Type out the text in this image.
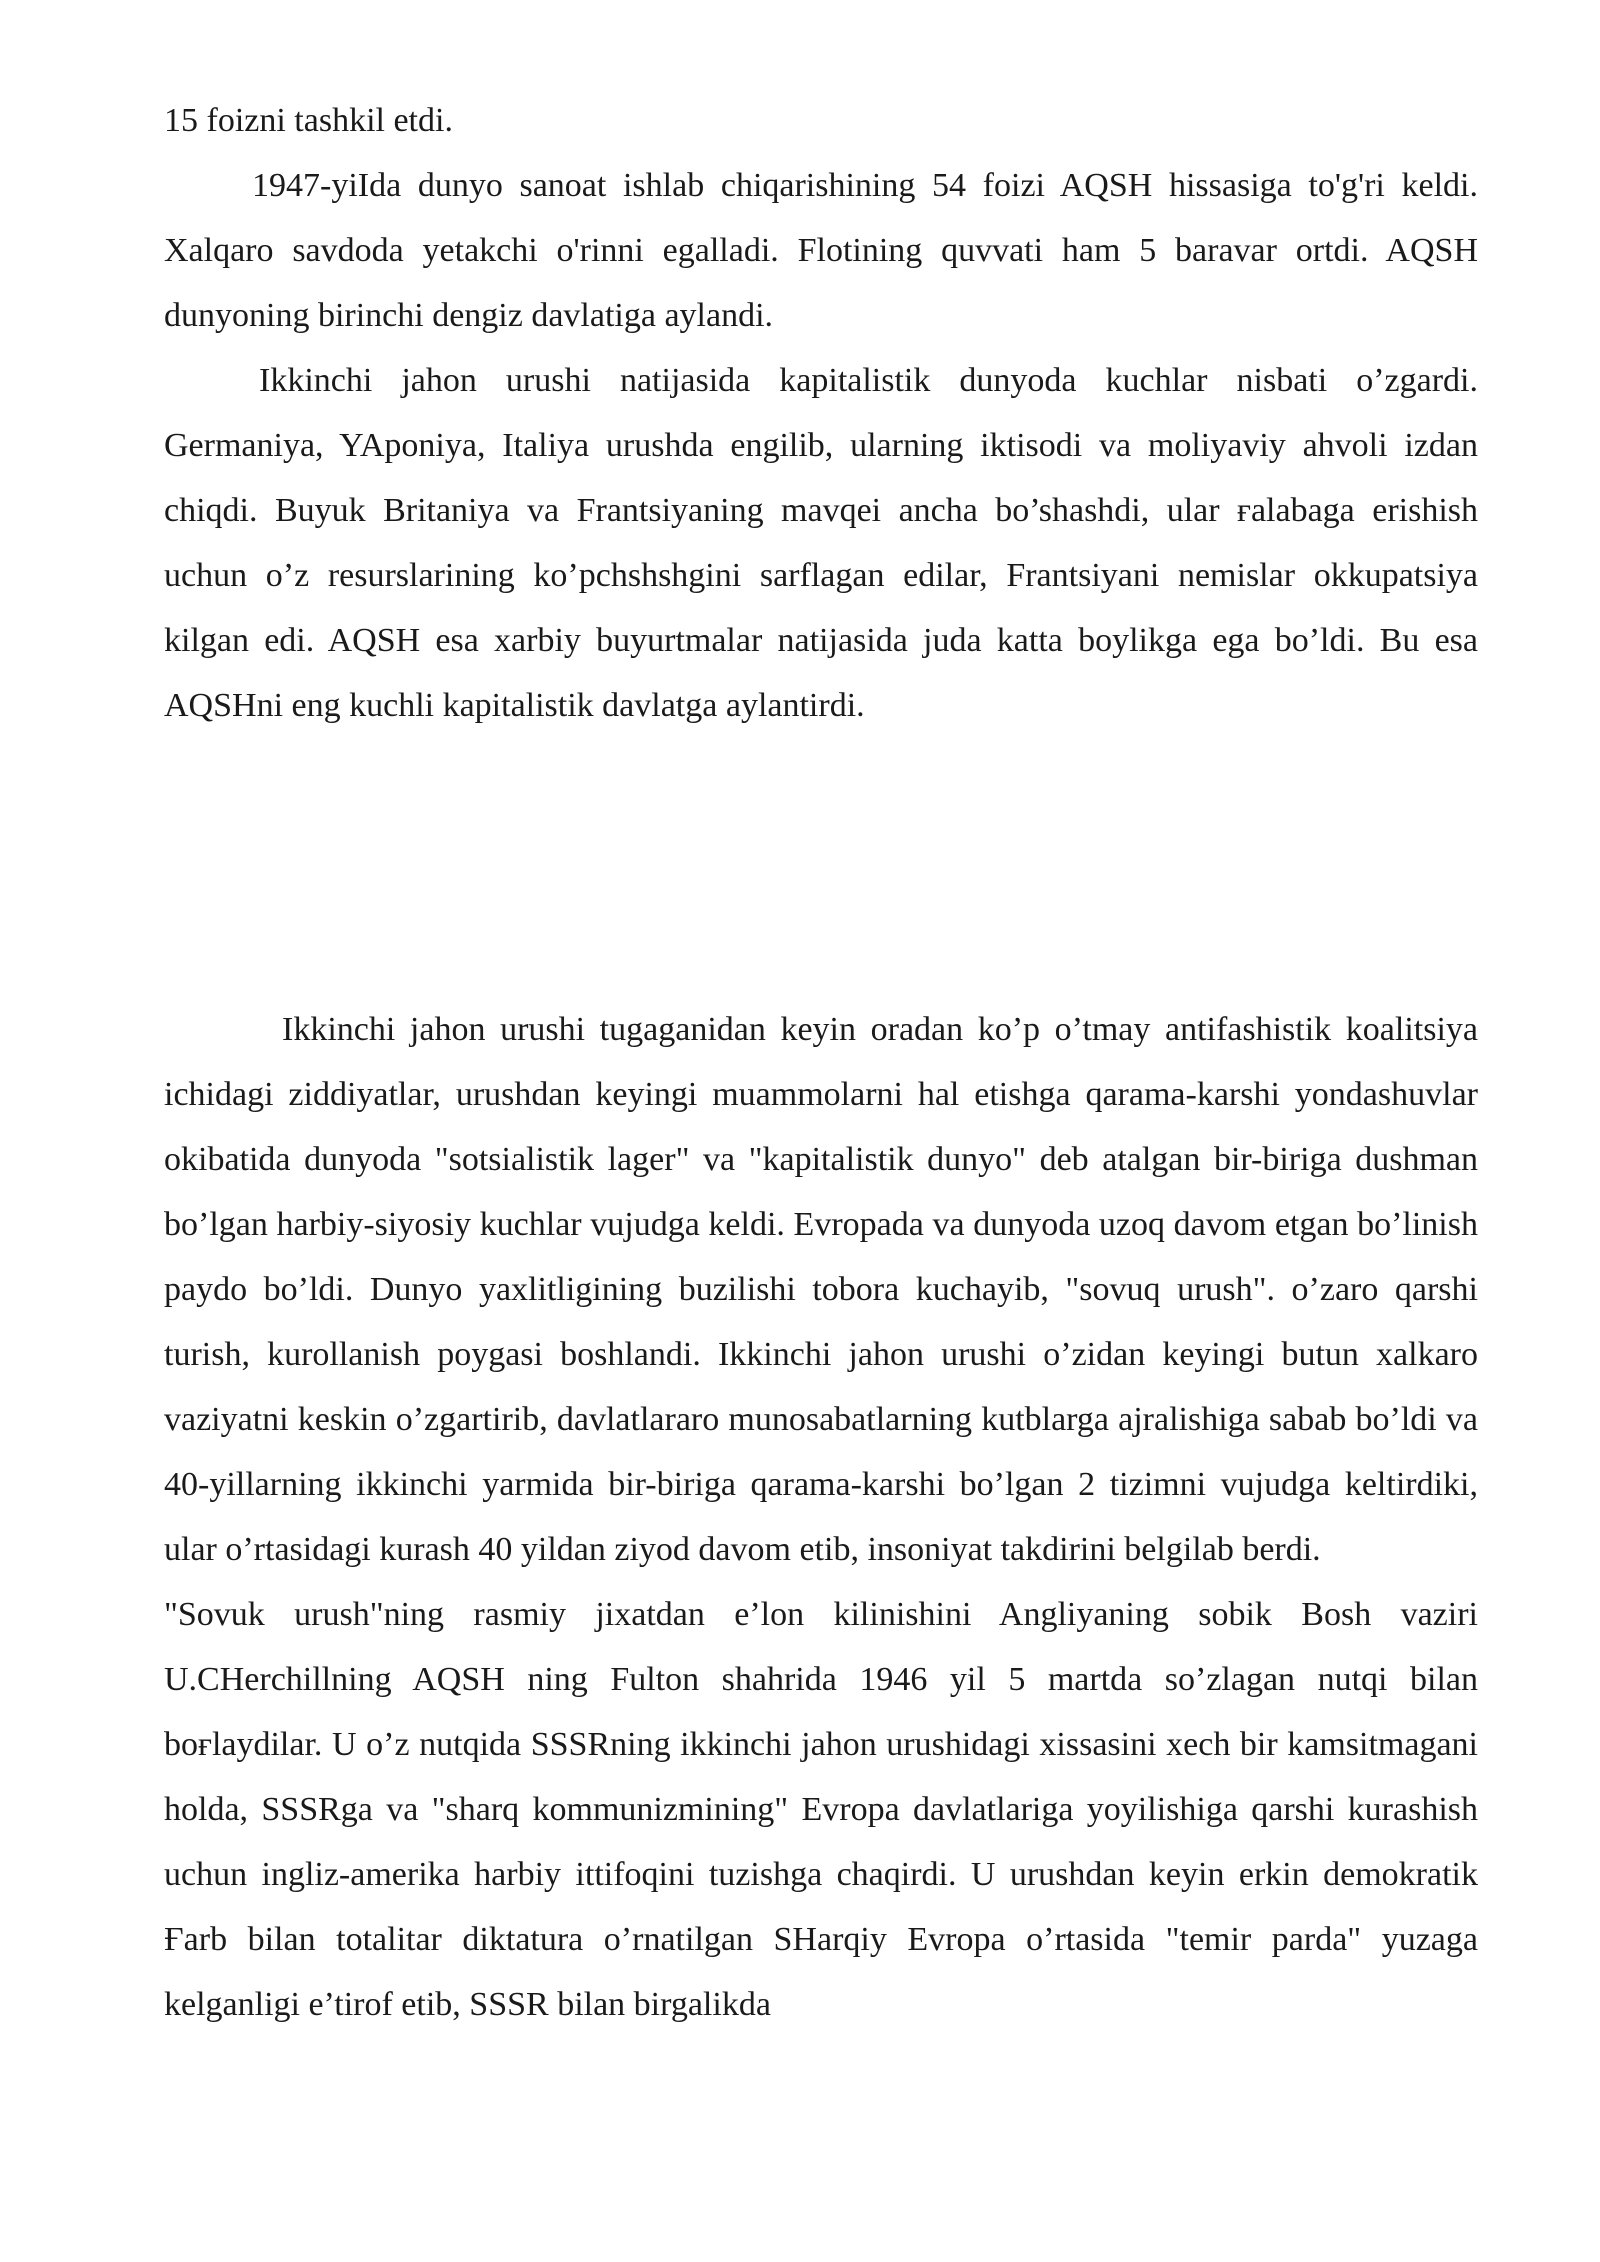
15 foizni tashkil etdi.

1947-yiIda dunyo sanoat ishlab chiqarishining 54 foizi AQSH hissasiga to'g'ri keldi. Xalqaro savdoda yetakchi o'rinni egalladi. Flotining quvvati ham 5 baravar ortdi. AQSH dunyoning birinchi dengiz davlatiga aylandi.

Ikkinchi jahon urushi natijasida kapitalistik dunyoda kuchlar nisbati o’zgardi. Germaniya, YAponiya, Italiya urushda engilib, ularning iktisodi va moliyaviy ahvoli izdan chiqdi. Buyuk Britaniya va Frantsiyaning mavqei ancha bo’shashdi, ular ғalabaga erishish uchun o’z resurslarining ko’pchshshgini sarflagan edilar, Frantsiyani nemislar okkupatsiya kilgan edi. AQSH esa xarbiy buyurtmalar natijasida juda katta boylikga ega bo’ldi. Bu esa AQSHni eng kuchli kapitalistik davlatga aylantirdi.

Ikkinchi jahon urushi tugaganidan keyin oradan ko’p o’tmay antifashistik koalitsiya ichidagi ziddiyatlar, urushdan keyingi muammolarni hal etishga qarama-karshi yondashuvlar okibatida dunyoda "sotsialistik lager" va "kapitalistik dunyo" deb atalgan bir-biriga dushman bo’lgan harbiy-siyosiy kuchlar vujudga keldi. Evropada va dunyoda uzoq davom etgan bo’linish paydo bo’ldi. Dunyo yaxlitligining buzilishi tobora kuchayib, "sovuq urush". o’zaro qarshi turish, kurollanish poygasi boshlandi. Ikkinchi jahon urushi o’zidan keyingi butun xalkaro vaziyatni keskin o’zgartirib, davlatlararo munosabatlarning kutblarga ajralishiga sabab bo’ldi va 40-yillarning ikkinchi yarmida bir-biriga qarama-karshi bo’lgan 2 tizimni vujudga keltirdiki, ular o’rtasidagi kurash 40 yildan ziyod davom etib, insoniyat takdirini belgilab berdi.

"Sovuk urush"ning rasmiy jixatdan e’lon kilinishini Angliyaning sobik Bosh vaziri U.CHerchillning AQSH ning Fulton shahrida 1946 yil 5 martda so’zlagan nutqi bilan boғlaydilar. U o’z nutqida SSSRning ikkinchi jahon urushidagi xissasini xech bir kamsitmagani holda, SSSRga va "sharq kommunizmining" Evropa davlatlariga yoyilishiga qarshi kurashish uchun ingliz-amerika harbiy ittifoqini tuzishga chaqirdi. U urushdan keyin erkin demokratik Ғarb bilan totalitar diktatura o’rnatilgan SHarqiy Evropa o’rtasida "temir parda" yuzaga kelganligi e’tirof etib, SSSR bilan birgalikda
